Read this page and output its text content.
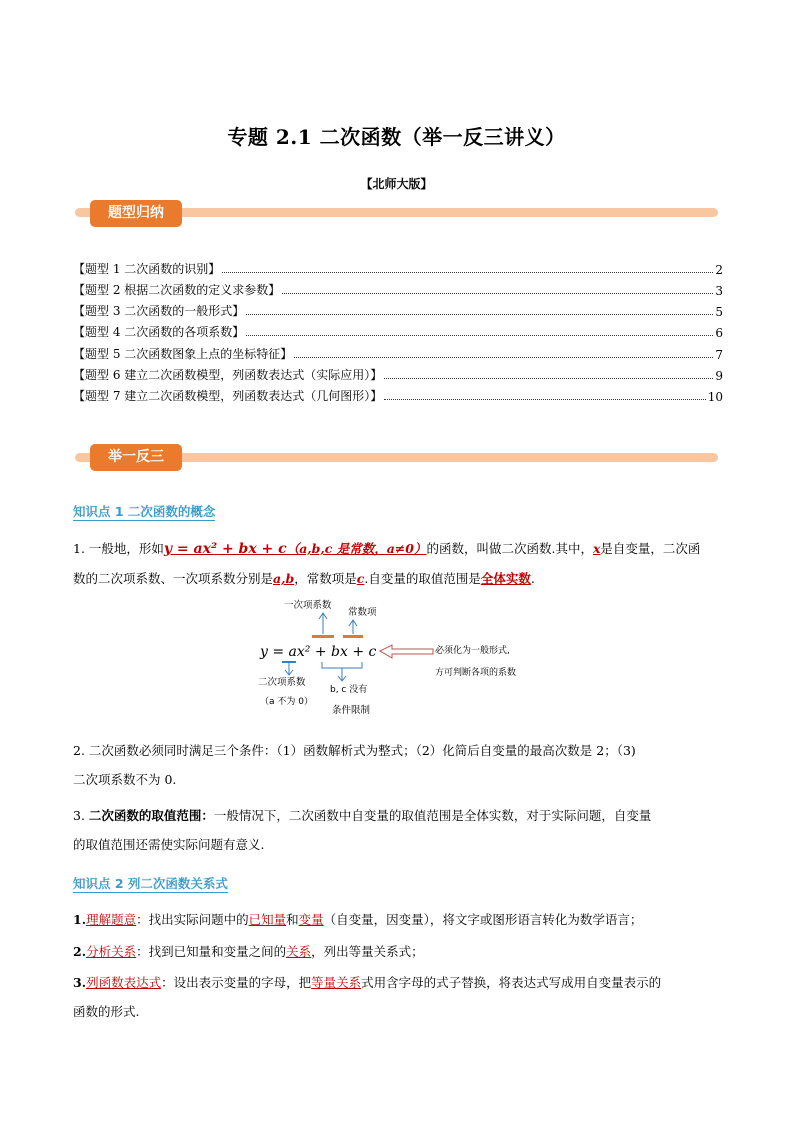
专题 2.1 二次函数（举一反三讲义）
【北师大版】
题型归纳
【题型 1 二次函数的识别】	2
【题型 2 根据二次函数的定义求参数】	3
【题型 3 二次函数的一般形式】	5
【题型 4 二次函数的各项系数】	6
【题型 5 二次函数图象上点的坐标特征】	7
【题型 6 建立二次函数模型，列函数表达式（实际应用）】	9
【题型 7 建立二次函数模型，列函数表达式（几何图形）】	10
举一反三
知识点 1 二次函数的概念
1. 一般地，形如y = ax² + bx + c（a,b,c 是常数，a≠0）的函数，叫做二次函数.其中，x是自变量，二次函
数的二次项系数、一次项系数分别是a,b，常数项是c.自变量的取值范围是全体实数.
一次项系数
常数项
y = ax² + bx + c
二次项系数
（a 不为 0）
b, c 没有
条件限制
必须化为一般形式,
方可判断各项的系数
2. 二次函数必须同时满足三个条件：（1）函数解析式为整式；（2）化简后自变量的最高次数是 2；（3)
二次项系数不为 0.
3. 二次函数的取值范围：一般情况下，二次函数中自变量的取值范围是全体实数，对于实际问题，自变量
的取值范围还需使实际问题有意义.
知识点 2 列二次函数关系式
1.理解题意：找出实际问题中的已知量和变量（自变量，因变量），将文字或图形语言转化为数学语言；
2.分析关系：找到已知量和变量之间的关系，列出等量关系式；
3.列函数表达式：设出表示变量的字母，把等量关系式用含字母的式子替换，将表达式写成用自变量表示的
函数的形式.
